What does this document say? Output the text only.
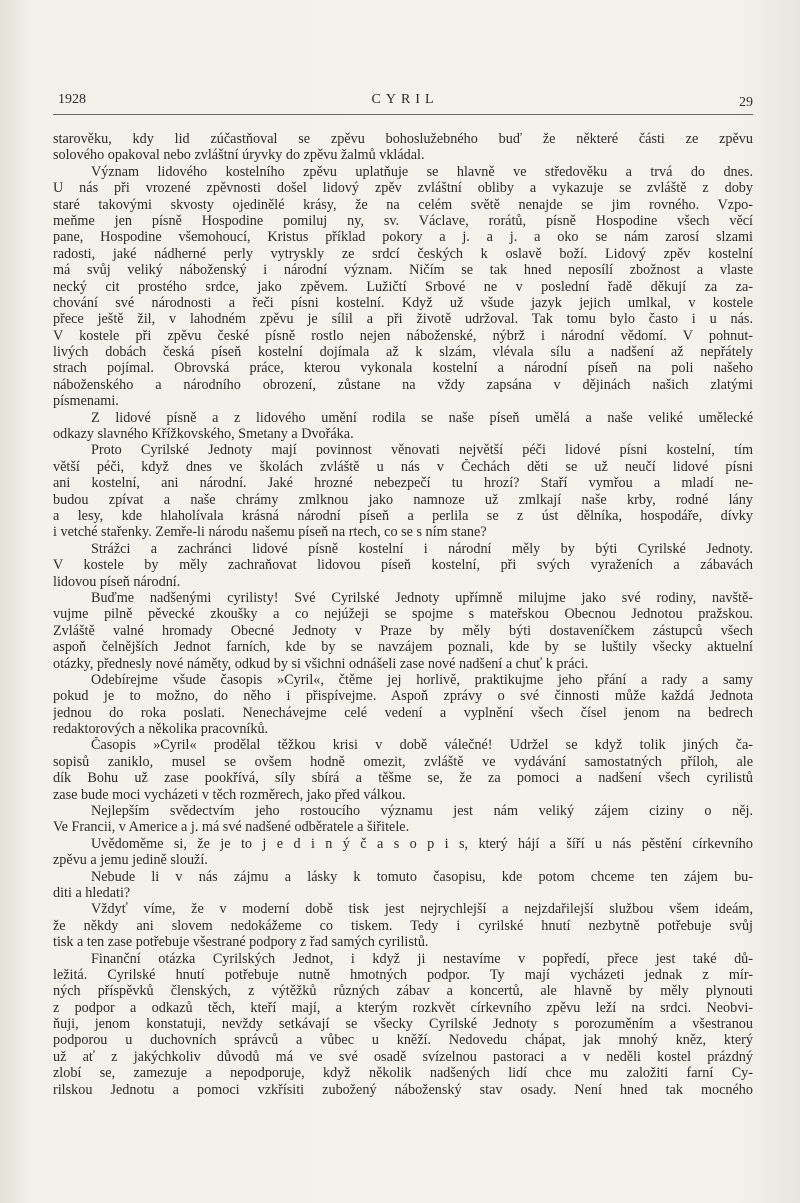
1928	CYRIL	29
starověku, kdy lid zúčastňoval se zpěvu bohoslužebného buď že některé části ze zpěvu
solového opakoval nebo zvláštní úryvky do zpěvu žalmů vkládal.
Význam lidového kostelního zpěvu uplatňuje se hlavně ve středověku a trvá do dnes.
U nás při vrozené zpěvnosti došel lidový zpěv zvláštní obliby a vykazuje se zvláště z doby
staré takovými skvosty ojedinělé krásy, že na celém světě nenajde se jim rovného. Vzpo-
meňme jen písně Hospodine pomiluj ny, sv. Václave, rorátů, písně Hospodine všech věcí
pane, Hospodine všemohoucí, Kristus příklad pokory a j. a j. a oko se nám zarosí slzami
radosti, jaké nádherné perly vytryskly ze srdcí českých k oslavě boží. Lidový zpěv kostelní
má svůj veliký náboženský i národní význam. Ničím se tak hned neposílí zbožnost a vlaste
necký cit prostého srdce, jako zpěvem. Lužičtí Srbové ne v poslední řadě děkují za za-
chování své národnosti a řeči písni kostelní. Když už všude jazyk jejich umlkal, v kostele
přece ještě žil, v lahodném zpěvu je sílil a při životě udržoval. Tak tomu bylo často i u nás.
V kostele při zpěvu české písně rostlo nejen náboženské, nýbrž i národní vědomí. V pohnut-
livých dobách česká píseň kostelní dojímala až k slzám, vlévala sílu a nadšení až nepřátely
strach pojímal. Obrovská práce, kterou vykonala kostelní a národní píseň na poli našeho
náboženského a národního obrození, zůstane na vždy zapsána v dějinách našich zlatými
písmenami.
Z lidové písně a z lidového umění rodila se naše píseň umělá a naše veliké umělecké
odkazy slavného Křížkovského, Smetany a Dvořáka.
Proto Cyrilské Jednoty mají povinnost věnovati největší péči lidové písni kostelní, tím
větší péči, když dnes ve školách zvláště u nás v Čechách děti se už neučí lidové písni
ani kostelní, ani národní. Jaké hrozné nebezpečí tu hrozí? Staří vymřou a mladí ne-
budou zpívat a naše chrámy zmlknou jako namnoze už zmlkají naše krby, rodné lány
a lesy, kde hlaholívala krásná národní píseň a perlila se z úst dělníka, hospodáře, dívky
i vetché stařenky. Zemře-li národu našemu píseň na rtech, co se s ním stane?
Strážci a zachránci lidové písně kostelní i národní měly by býti Cyrilské Jednoty.
V kostele by měly zachraňovat lidovou píseň kostelní, při svých vyraženích a zábavách
lidovou píseň národní.
Buďme nadšenými cyrilisty! Své Cyrilské Jednoty upřímně milujme jako své rodiny, navště-
vujme pilně pěvecké zkoušky a co nejúžeji se spojme s mateřskou Obecnou Jednotou pražskou.
Zvláště valné hromady Obecné Jednoty v Praze by měly býti dostaveníčkem zástupců všech
aspoň čelnějších Jednot farních, kde by se navzájem poznali, kde by se luštily všecky aktuelní
otázky, přednesly nové náměty, odkud by si všichni odnášeli zase nové nadšení a chuť k práci.
Odebírejme všude časopis »Cyril«, čtěme jej horlivě, praktikujme jeho přání a rady a samy
pokud je to možno, do něho i přispívejme. Aspoň zprávy o své činnosti může každá Jednota
jednou do roka poslati. Nenechávejme celé vedení a vyplnění všech čísel jenom na bedrech
redaktorových a několika pracovníků.
Časopis »Cyril« prodělal těžkou krisi v době válečné! Udržel se když tolik jiných ča-
sopisů zaniklo, musel se ovšem hodně omezit, zvláště ve vydávání samostatných příloh, ale
dík Bohu už zase pookřívá, síly sbírá a těšme se, že za pomoci a nadšení všech cyrilistů
zase bude moci vycházeti v těch rozměrech, jako před válkou.
Nejlepším svědectvím jeho rostoucího významu jest nám veliký zájem ciziny o něj.
Ve Francii, v Americe a j. má své nadšené odběratele a šiřitele.
Uvědoměme si, že je to j e d i n ý č a s o p i s, který hájí a šíří u nás pěstění církevního
zpěvu a jemu jedině slouží.
Nebude li v nás zájmu a lásky k tomuto časopisu, kde potom chceme ten zájem bu-
diti a hledati?
Vždyť víme, že v moderní době tisk jest nejrychlejší a nejzdařilejší službou všem ideám,
že někdy ani slovem nedokážeme co tiskem. Tedy i cyrilské hnutí nezbytně potřebuje svůj
tisk a ten zase potřebuje všestrané podpory z řad samých cyrilistů.
Finanční otázka Cyrilských Jednot, i když ji nestavíme v popředí, přece jest také dů-
ležitá. Cyrilské hnutí potřebuje nutně hmotných podpor. Ty mají vycházeti jednak z mír-
ných příspěvků členských, z výtěžků různých zábav a koncertů, ale hlavně by měly plynouti
z podpor a odkazů těch, kteří mají, a kterým rozkvět církevního zpěvu leží na srdci. Neobvi-
ňuji, jenom konstatuji, nevždy setkávají se všecky Cyrilské Jednoty s porozuměním a všestranou
podporou u duchovních správců a vůbec u kněží. Nedovedu chápat, jak mnohý kněz, který
už ať z jakýchkoliv důvodů má ve své osadě svízelnou pastoraci a v neděli kostel prázdný
zlobí se, zamezuje a nepodporuje, když několik nadšených lidí chce mu založiti farní Cy-
rilskou Jednotu a pomoci vzkřísiti zubožený náboženský stav osady. Není hned tak mocného
